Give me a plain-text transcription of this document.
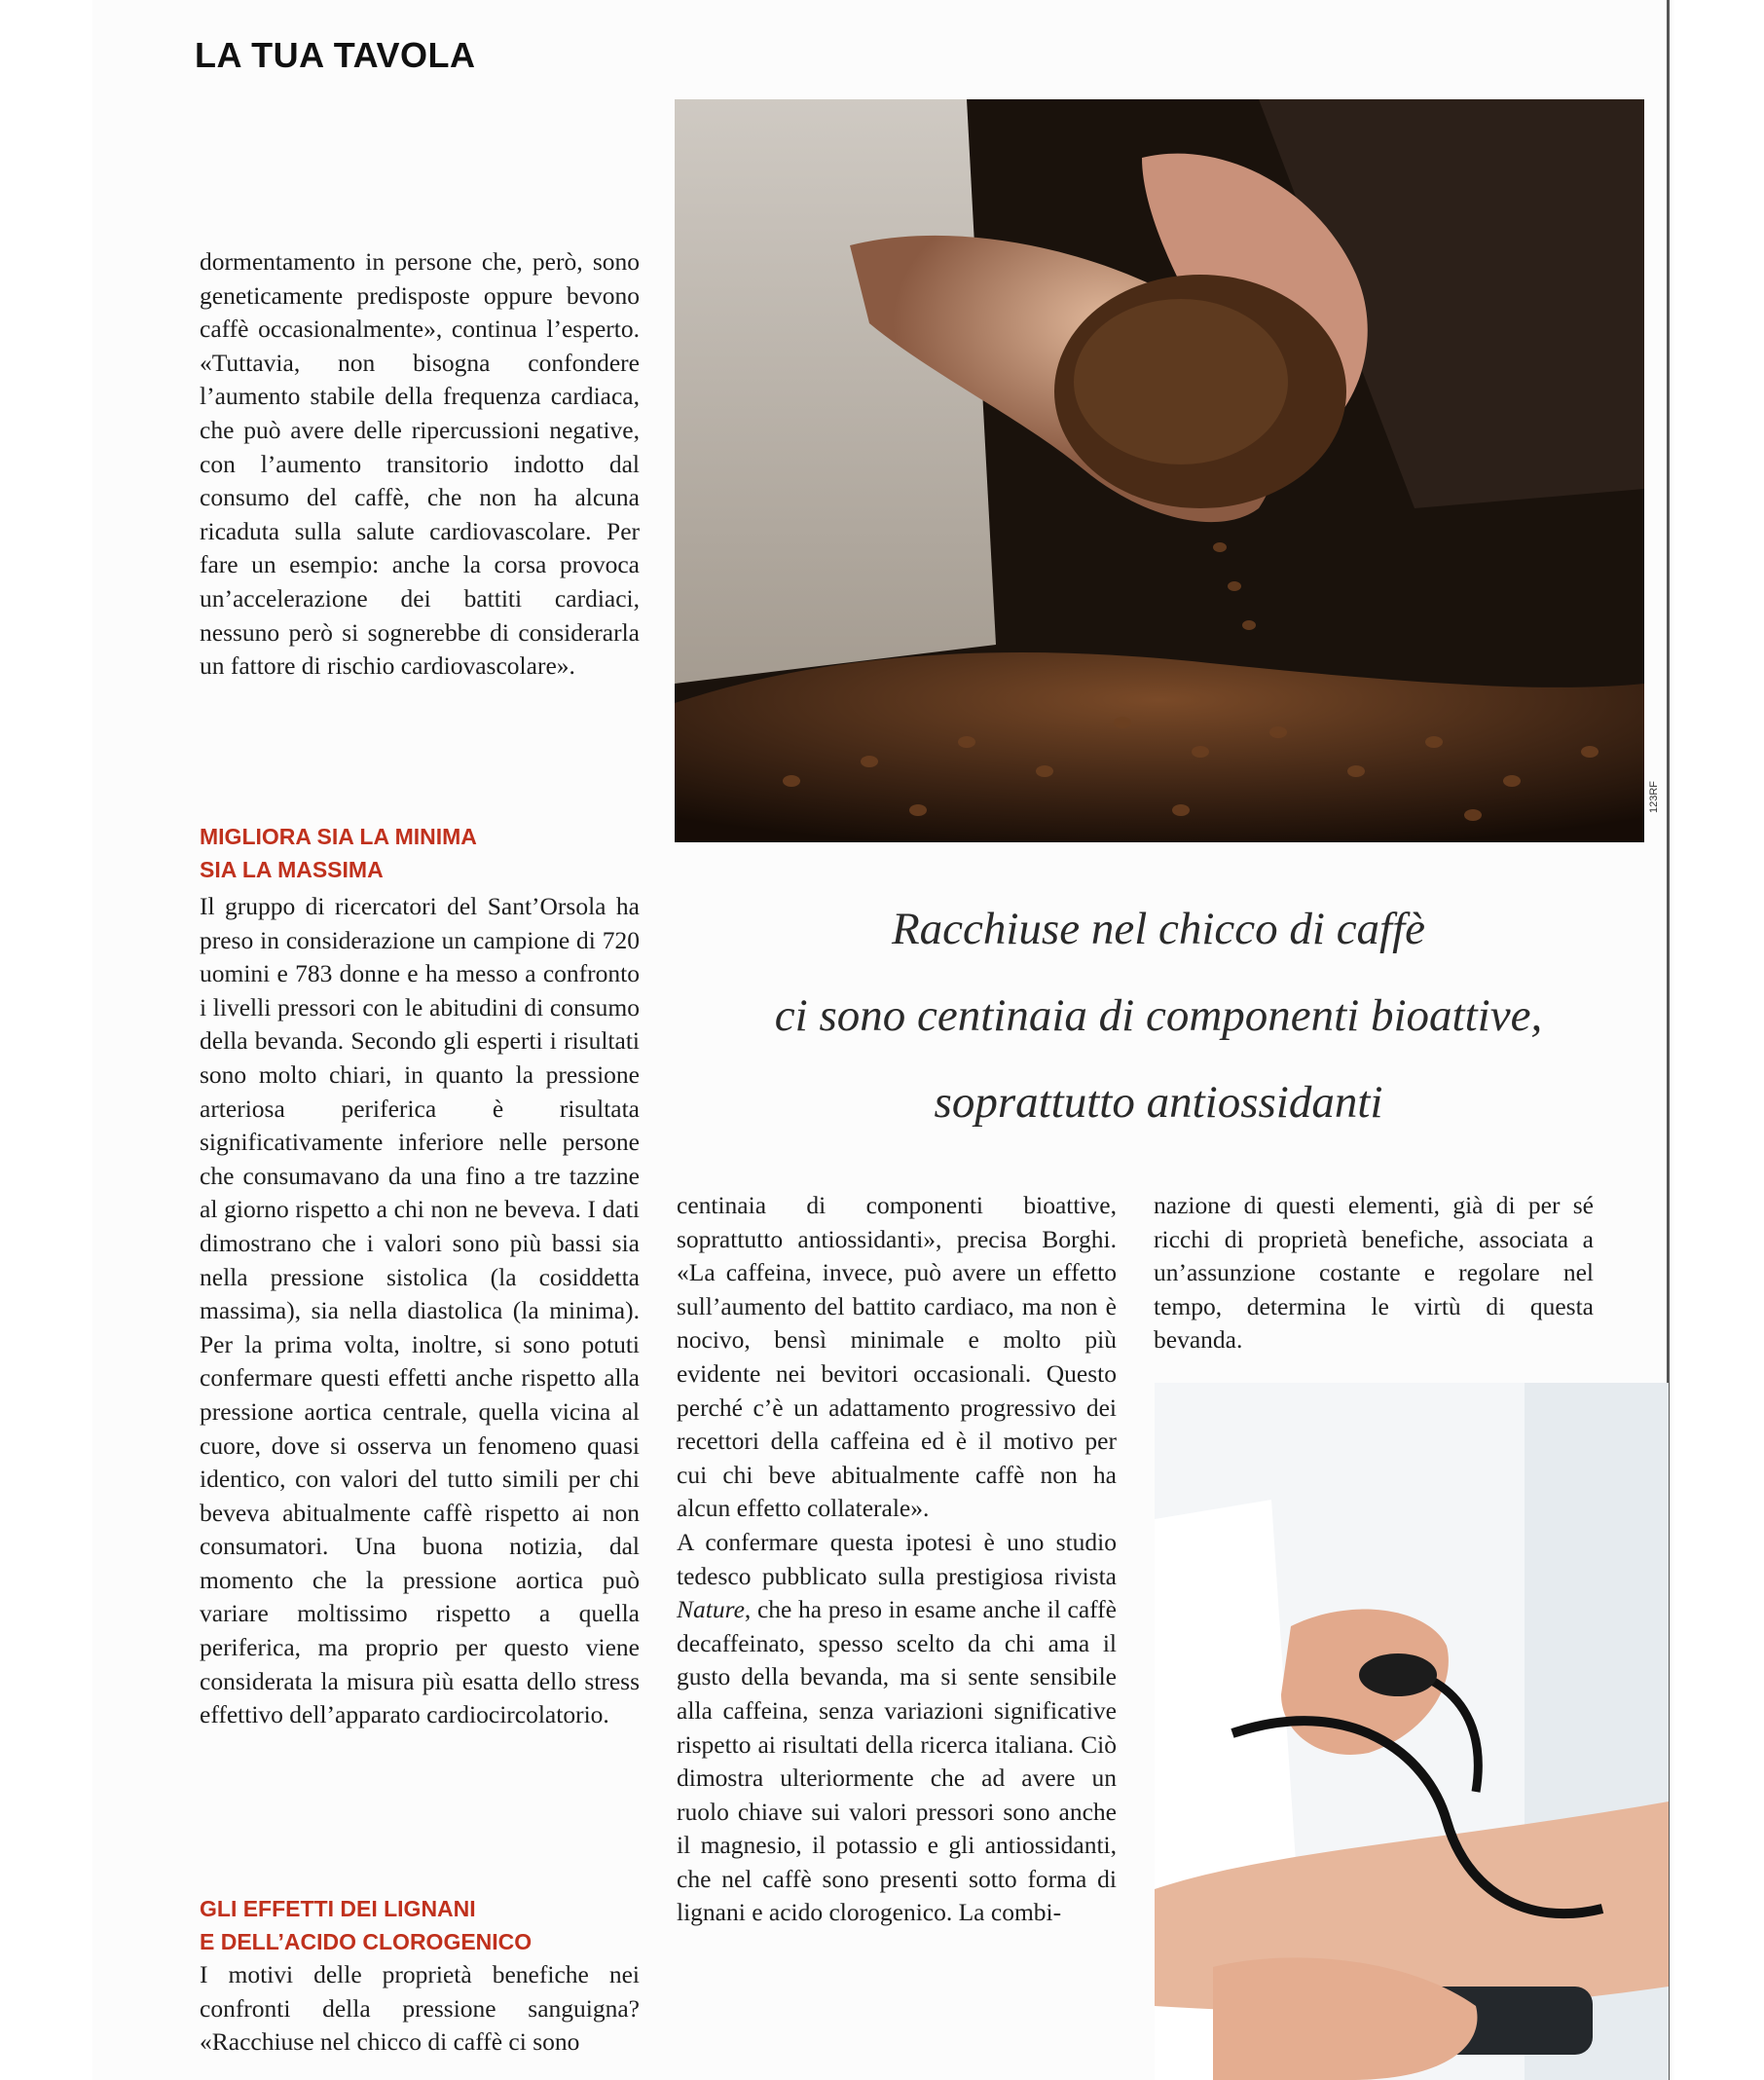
LA TUA TAVOLA

dormentamento in persone che, però, sono geneticamente predisposte oppure bevono caffè occasionalmente», continua l’esperto. «Tuttavia, non bisogna confondere l’aumento stabile della frequenza cardiaca, che può avere delle ripercussioni negative, con l’aumento transitorio indotto dal consumo del caffè, che non ha alcuna ricaduta sulla salute cardiovascolare. Per fare un esempio: anche la corsa provoca un’accelerazione dei battiti cardiaci, nessuno però si sognerebbe di considerarla un fattore di rischio cardiovascolare».

MIGLIORA SIA LA MINIMA
SIA LA MASSIMA

Il gruppo di ricercatori del Sant’Orsola ha preso in considerazione un campione di 720 uomini e 783 donne e ha messo a confronto i livelli pressori con le abitudini di consumo della bevanda. Secondo gli esperti i risultati sono molto chiari, in quanto la pressione arteriosa periferica è risultata significativamente inferiore nelle persone che consumavano da una fino a tre tazzine al giorno rispetto a chi non ne beveva. I dati dimostrano che i valori sono più bassi sia nella pressione sistolica (la cosiddetta massima), sia nella diastolica (la minima). Per la prima volta, inoltre, si sono potuti confermare questi effetti anche rispetto alla pressione aortica centrale, quella vicina al cuore, dove si osserva un fenomeno quasi identico, con valori del tutto simili per chi beveva abitualmente caffè rispetto ai non consumatori. Una buona notizia, dal momento che la pressione aortica può variare moltissimo rispetto a quella periferica, ma proprio per questo viene considerata la misura più esatta dello stress effettivo dell’apparato cardiocircolatorio.

GLI EFFETTI DEI LIGNANI
E DELL’ACIDO CLOROGENICO

I motivi delle proprietà benefiche nei confronti della pressione sanguigna? «Racchiuse nel chicco di caffè ci sono

centinaia di componenti bioattive, soprattutto antiossidanti», precisa Borghi. «La caffeina, invece, può avere un effetto sull’aumento del battito cardiaco, ma non è nocivo, bensì minimale e molto più evidente nei bevitori occasionali. Questo perché c’è un adattamento progressivo dei recettori della caffeina ed è il motivo per cui chi beve abitualmente caffè non ha alcun effetto collaterale».

A confermare questa ipotesi è uno studio tedesco pubblicato sulla prestigiosa rivista Nature, che ha preso in esame anche il caffè decaffeinato, spesso scelto da chi ama il gusto della bevanda, ma si sente sensibile alla caffeina, senza variazioni significative rispetto ai risultati della ricerca italiana. Ciò dimostra ulteriormente che ad avere un ruolo chiave sui valori pressori sono anche il magnesio, il potassio e gli antiossidanti, che nel caffè sono presenti sotto forma di lignani e acido clorogenico. La combi-

nazione di questi elementi, già di per sé ricchi di proprietà benefiche, associata a un’assunzione costante e regolare nel tempo, determina le virtù di questa bevanda.

Racchiuse nel chicco di caffè
ci sono centinaia di componenti bioattive,
soprattutto antiossidanti
123RF
